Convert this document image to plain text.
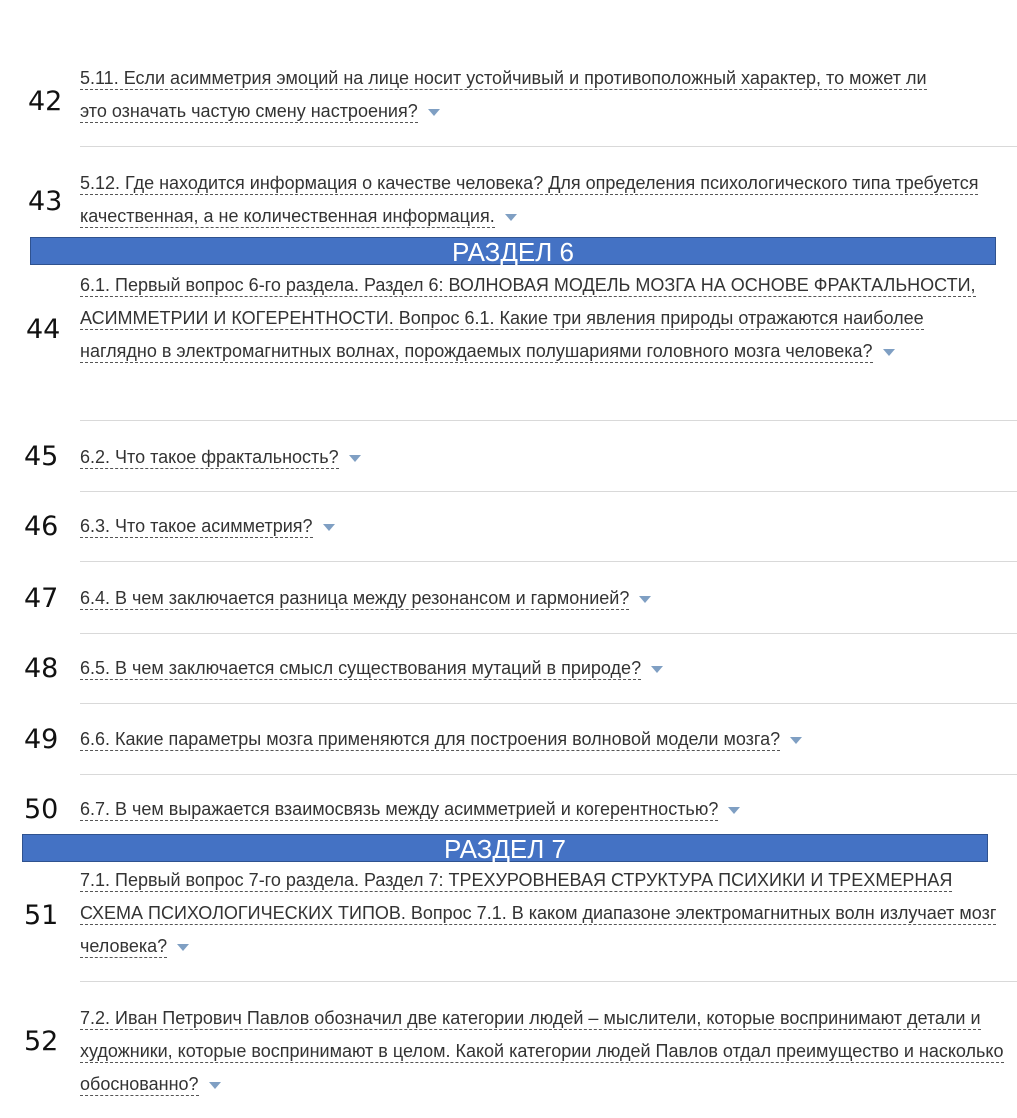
42
5.11. Если асимметрия эмоций на лице носит устойчивый и противоположный характер, то может ли это означать частую смену настроения?
43
5.12. Где находится информация о качестве человека? Для определения психологического типа требуется качественная, а не количественная информация.
РАЗДЕЛ 6
44
6.1. Первый вопрос 6-го раздела. Раздел 6: ВОЛНОВАЯ МОДЕЛЬ МОЗГА НА ОСНОВЕ ФРАКТАЛЬНОСТИ, АСИММЕТРИИ И КОГЕРЕНТНОСТИ. Вопрос 6.1. Какие три явления природы отражаются наиболее наглядно в электромагнитных волнах, порождаемых полушариями головного мозга человека?
45 6.2. Что такое фрактальность?
46 6.3. Что такое асимметрия?
47 6.4. В чем заключается разница между резонансом и гармонией?
48 6.5. В чем заключается смысл существования мутаций в природе?
49 6.6. Какие параметры мозга применяются для построения волновой модели мозга?
50 6.7. В чем выражается взаимосвязь между асимметрией и когерентностью?
РАЗДЕЛ 7
51
7.1. Первый вопрос 7-го раздела. Раздел 7: ТРЕХУРОВНЕВАЯ СТРУКТУРА ПСИХИКИ И ТРЕХМЕРНАЯ СХЕМА ПСИХОЛОГИЧЕСКИХ ТИПОВ. Вопрос 7.1. В каком диапазоне электромагнитных волн излучает мозг человека?
52
7.2. Иван Петрович Павлов обозначил две категории людей – мыслители, которые воспринимают детали и художники, которые воспринимают в целом. Какой категории людей Павлов отдал преимущество и насколько обоснованно?
